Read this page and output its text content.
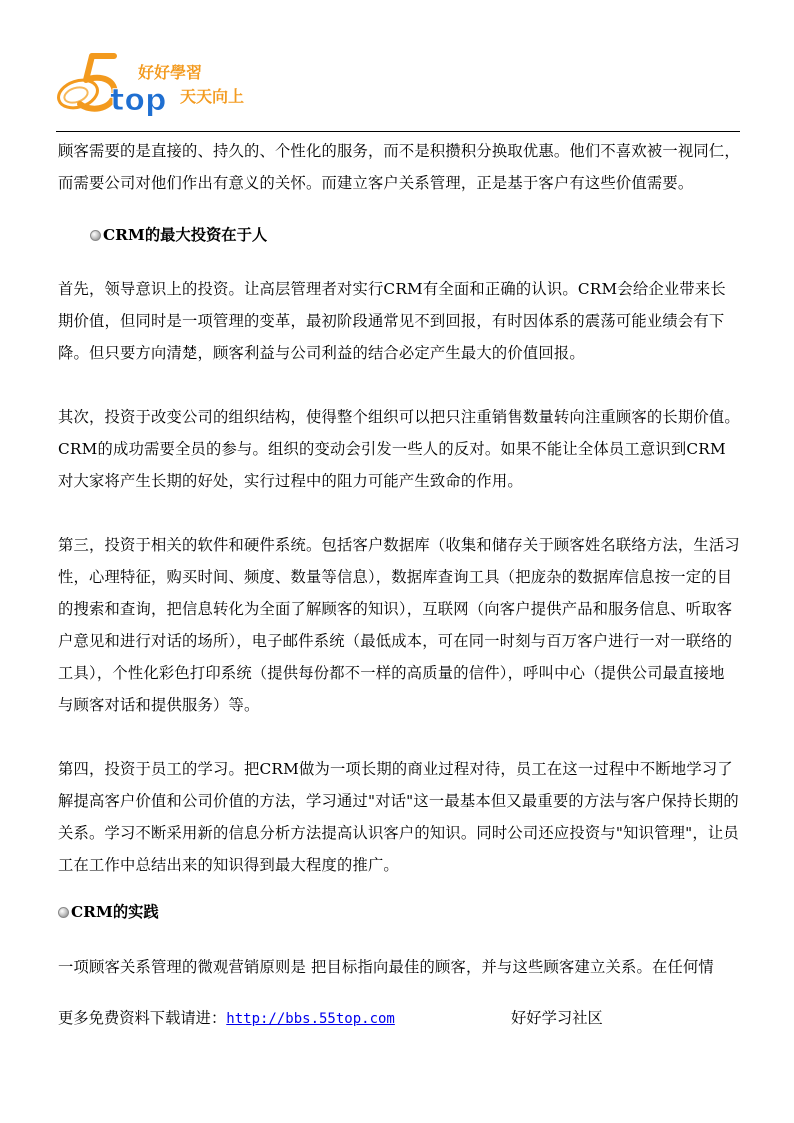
top
好好學習
天天向上

顾客需要的是直接的、持久的、个性化的服务，而不是积攒积分换取优惠。他们不喜欢被一视同仁，而需要公司对他们作出有意义的关怀。而建立客户关系管理，正是基于客户有这些价值需要。

CRM的最大投资在于人

首先，领导意识上的投资。让高层管理者对实行CRM有全面和正确的认识。CRM会给企业带来长期价值，但同时是一项管理的变革，最初阶段通常见不到回报，有时因体系的震荡可能业绩会有下降。但只要方向清楚，顾客利益与公司利益的结合必定产生最大的价值回报。

其次，投资于改变公司的组织结构，使得整个组织可以把只注重销售数量转向注重顾客的长期价值。CRM的成功需要全员的参与。组织的变动会引发一些人的反对。如果不能让全体员工意识到CRM对大家将产生长期的好处，实行过程中的阻力可能产生致命的作用。

第三，投资于相关的软件和硬件系统。包括客户数据库（收集和储存关于顾客姓名联络方法，生活习性，心理特征，购买时间、频度、数量等信息），数据库查询工具（把庞杂的数据库信息按一定的目的搜索和查询，把信息转化为全面了解顾客的知识），互联网（向客户提供产品和服务信息、听取客户意见和进行对话的场所），电子邮件系统（最低成本，可在同一时刻与百万客户进行一对一联络的工具），个性化彩色打印系统（提供每份都不一样的高质量的信件），呼叫中心（提供公司最直接地与顾客对话和提供服务）等。

第四，投资于员工的学习。把CRM做为一项长期的商业过程对待，员工在这一过程中不断地学习了解提高客户价值和公司价值的方法，学习通过"对话"这一最基本但又最重要的方法与客户保持长期的关系。学习不断采用新的信息分析方法提高认识客户的知识。同时公司还应投资与"知识管理"，让员工在工作中总结出来的知识得到最大程度的推广。

CRM的实践

一项顾客关系管理的微观营销原则是 把目标指向最佳的顾客，并与这些顾客建立关系。在任何情

更多免费资料下载请进：http://bbs.55top.com	好好学习社区
